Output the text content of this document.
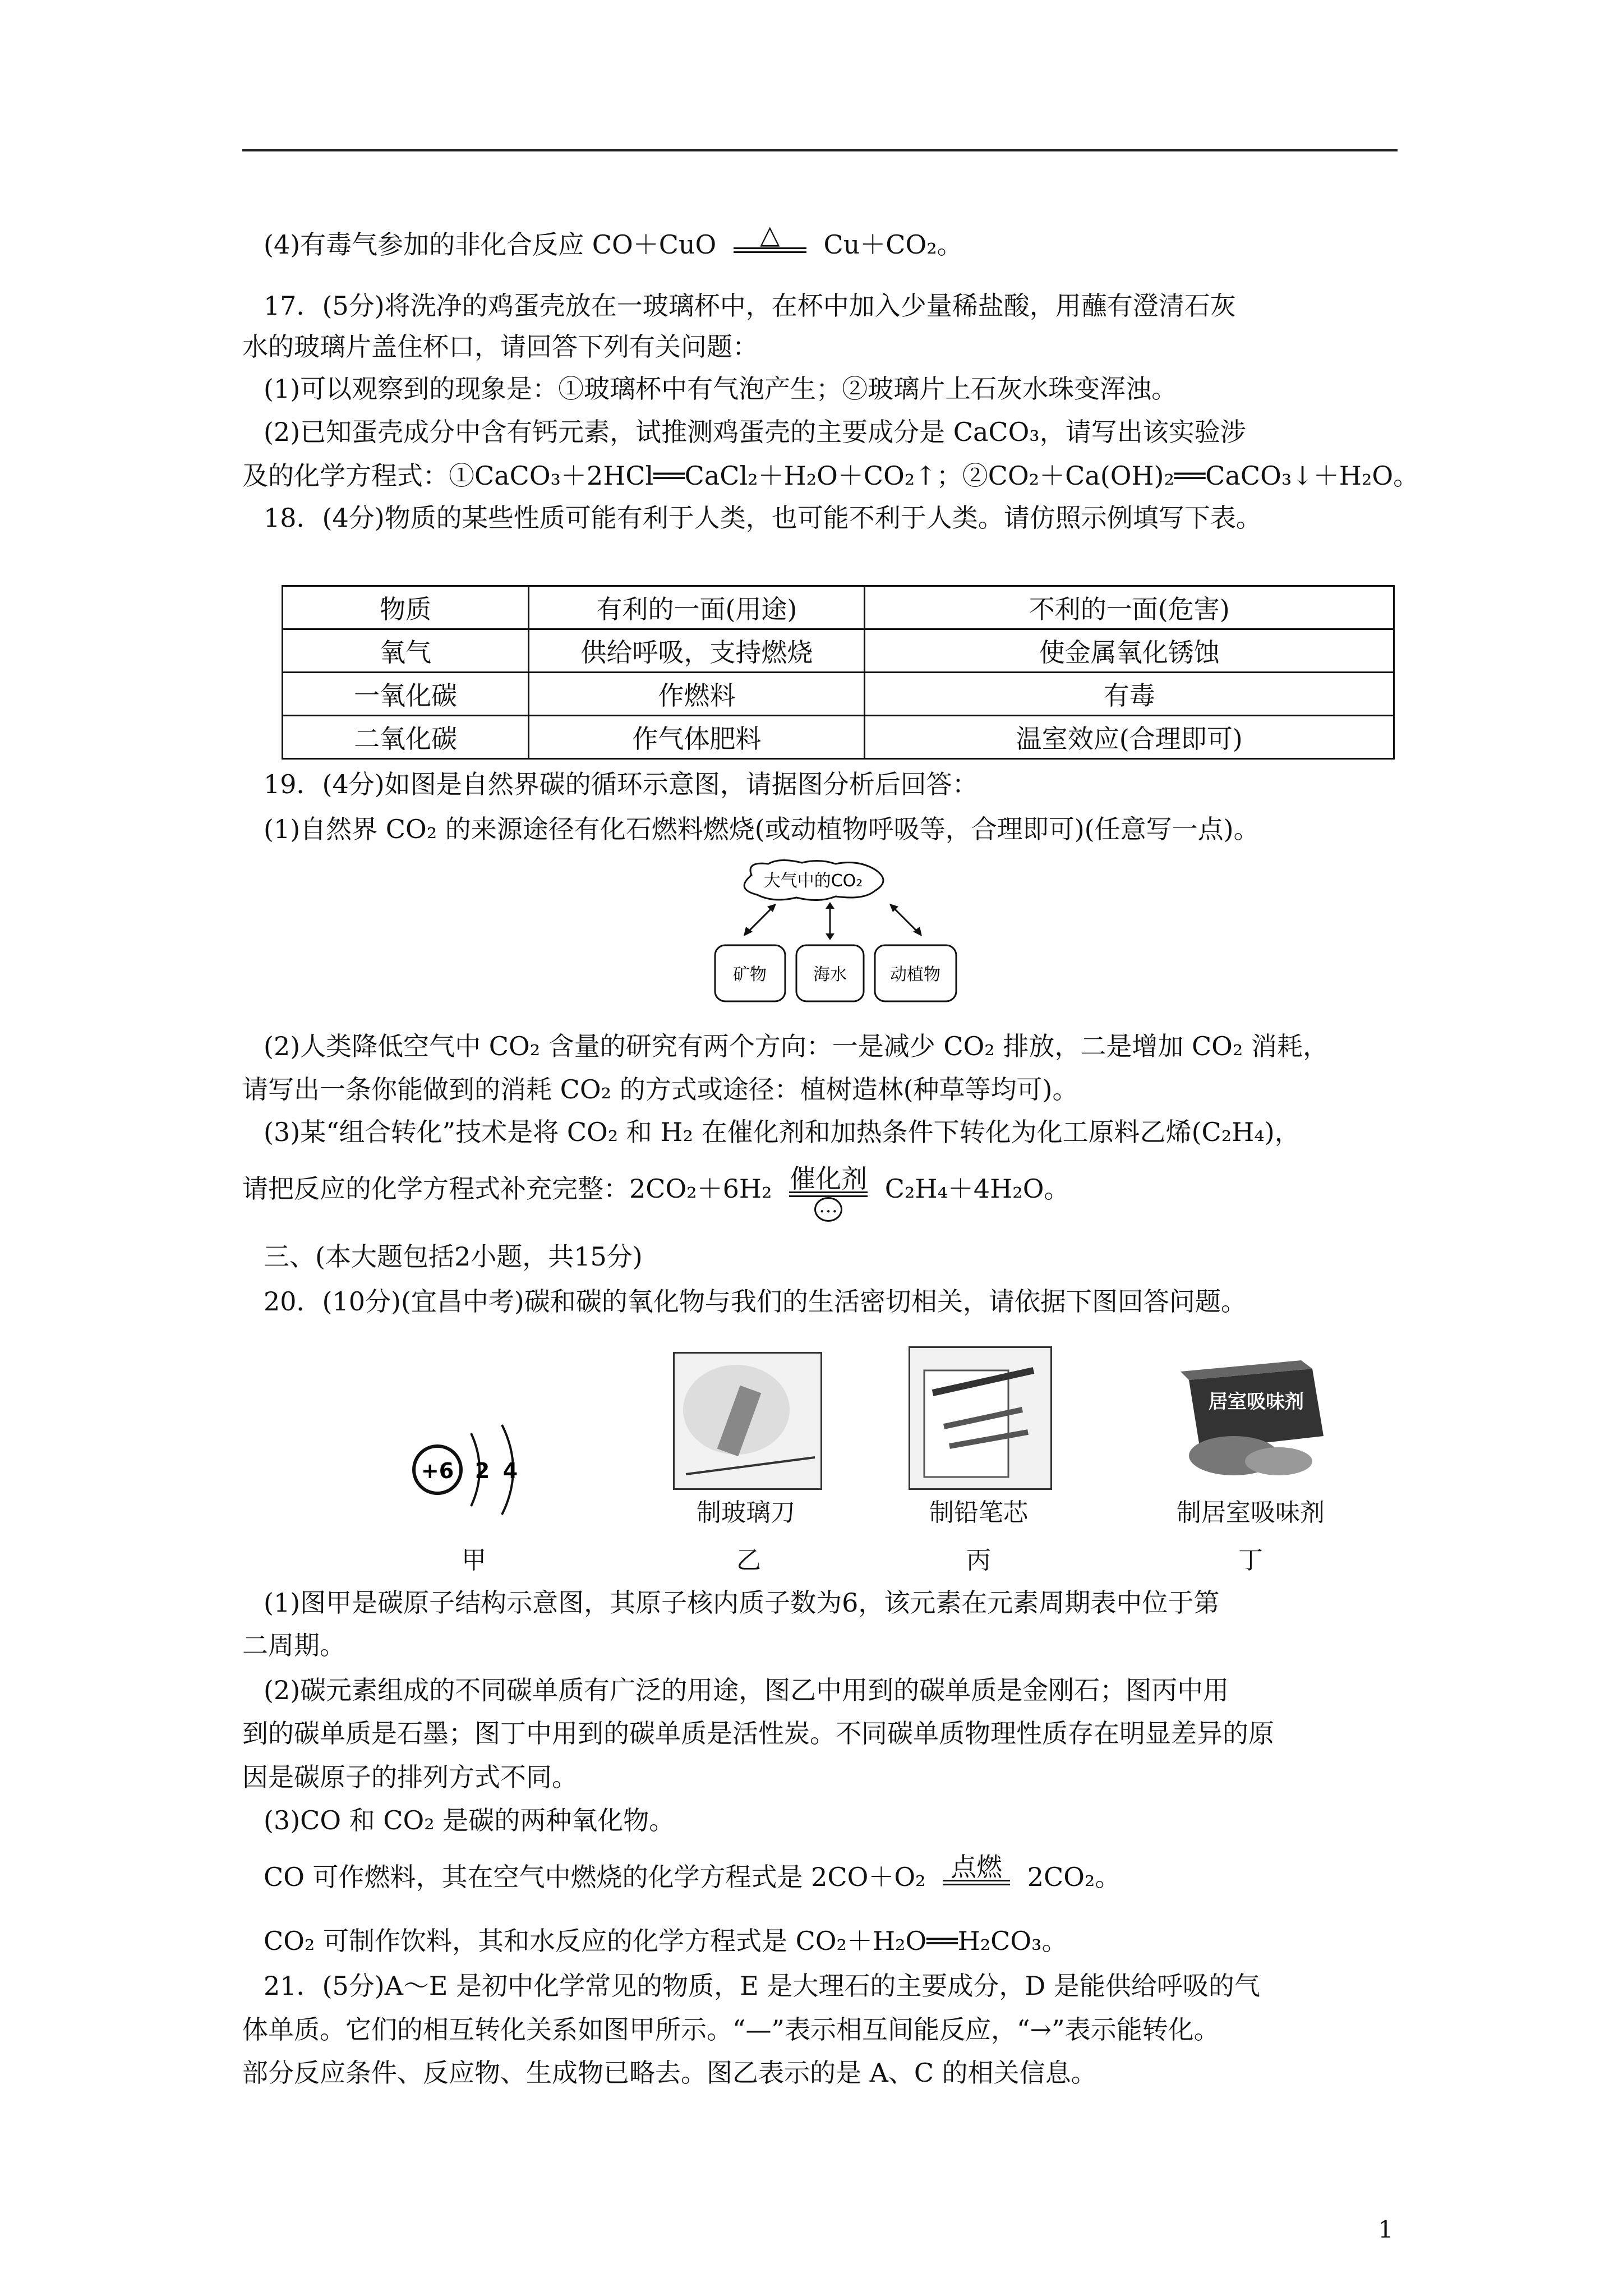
(4)有毒气参加的非化合反应 CO＋CuO	△	Cu＋CO₂。
17．(5分)将洗净的鸡蛋壳放在一玻璃杯中，在杯中加入少量稀盐酸，用蘸有澄清石灰
水的玻璃片盖住杯口，请回答下列有关问题：
(1)可以观察到的现象是：①玻璃杯中有气泡产生；②玻璃片上石灰水珠变浑浊。
(2)已知蛋壳成分中含有钙元素，试推测鸡蛋壳的主要成分是 CaCO₃，请写出该实验涉
及的化学方程式：①CaCO₃＋2HCl══CaCl₂＋H₂O＋CO₂↑；②CO₂＋Ca(OH)₂══CaCO₃↓＋H₂O。
18．(4分)物质的某些性质可能有利于人类，也可能不利于人类。请仿照示例填写下表。
物质	有利的一面(用途)	不利的一面(危害)
氧气	供给呼吸，支持燃烧	使金属氧化锈蚀
一氧化碳	作燃料	有毒
二氧化碳	作气体肥料	温室效应(合理即可)
19．(4分)如图是自然界碳的循环示意图，请据图分析后回答：
(1)自然界 CO₂ 的来源途径有化石燃料燃烧(或动植物呼吸等，合理即可)(任意写一点)。
大气中的CO₂
矿物	海水	动植物
(2)人类降低空气中 CO₂ 含量的研究有两个方向：一是减少 CO₂ 排放，二是增加 CO₂ 消耗，
请写出一条你能做到的消耗 CO₂ 的方式或途径：植树造林(种草等均可)。
(3)某“组合转化”技术是将 CO₂ 和 H₂ 在催化剂和加热条件下转化为化工原料乙烯(C₂H₄)，
请把反应的化学方程式补充完整：2CO₂＋6H₂ 催化剂
…
C₂H₄＋4H₂O。
三、(本大题包括2小题，共15分)
20．(10分)(宜昌中考)碳和碳的氧化物与我们的生活密切相关，请依据下图回答问题。
+6 2 4
制玻璃刀	制铅笔芯
居室吸味剂
制居室吸味剂
甲	乙	丙	丁
(1)图甲是碳原子结构示意图，其原子核内质子数为6，该元素在元素周期表中位于第
二周期。
(2)碳元素组成的不同碳单质有广泛的用途，图乙中用到的碳单质是金刚石；图丙中用
到的碳单质是石墨；图丁中用到的碳单质是活性炭。不同碳单质物理性质存在明显差异的原
因是碳原子的排列方式不同。
(3)CO 和 CO₂ 是碳的两种氧化物。
CO 可作燃料，其在空气中燃烧的化学方程式是 2CO＋O₂ 点燃 2CO₂。
CO₂ 可制作饮料，其和水反应的化学方程式是 CO₂＋H₂O══H₂CO₃。
21．(5分)A～E 是初中化学常见的物质，E 是大理石的主要成分，D 是能供给呼吸的气
体单质。它们的相互转化关系如图甲所示。“—”表示相互间能反应，“→”表示能转化。
部分反应条件、反应物、生成物已略去。图乙表示的是 A、C 的相关信息。
1
